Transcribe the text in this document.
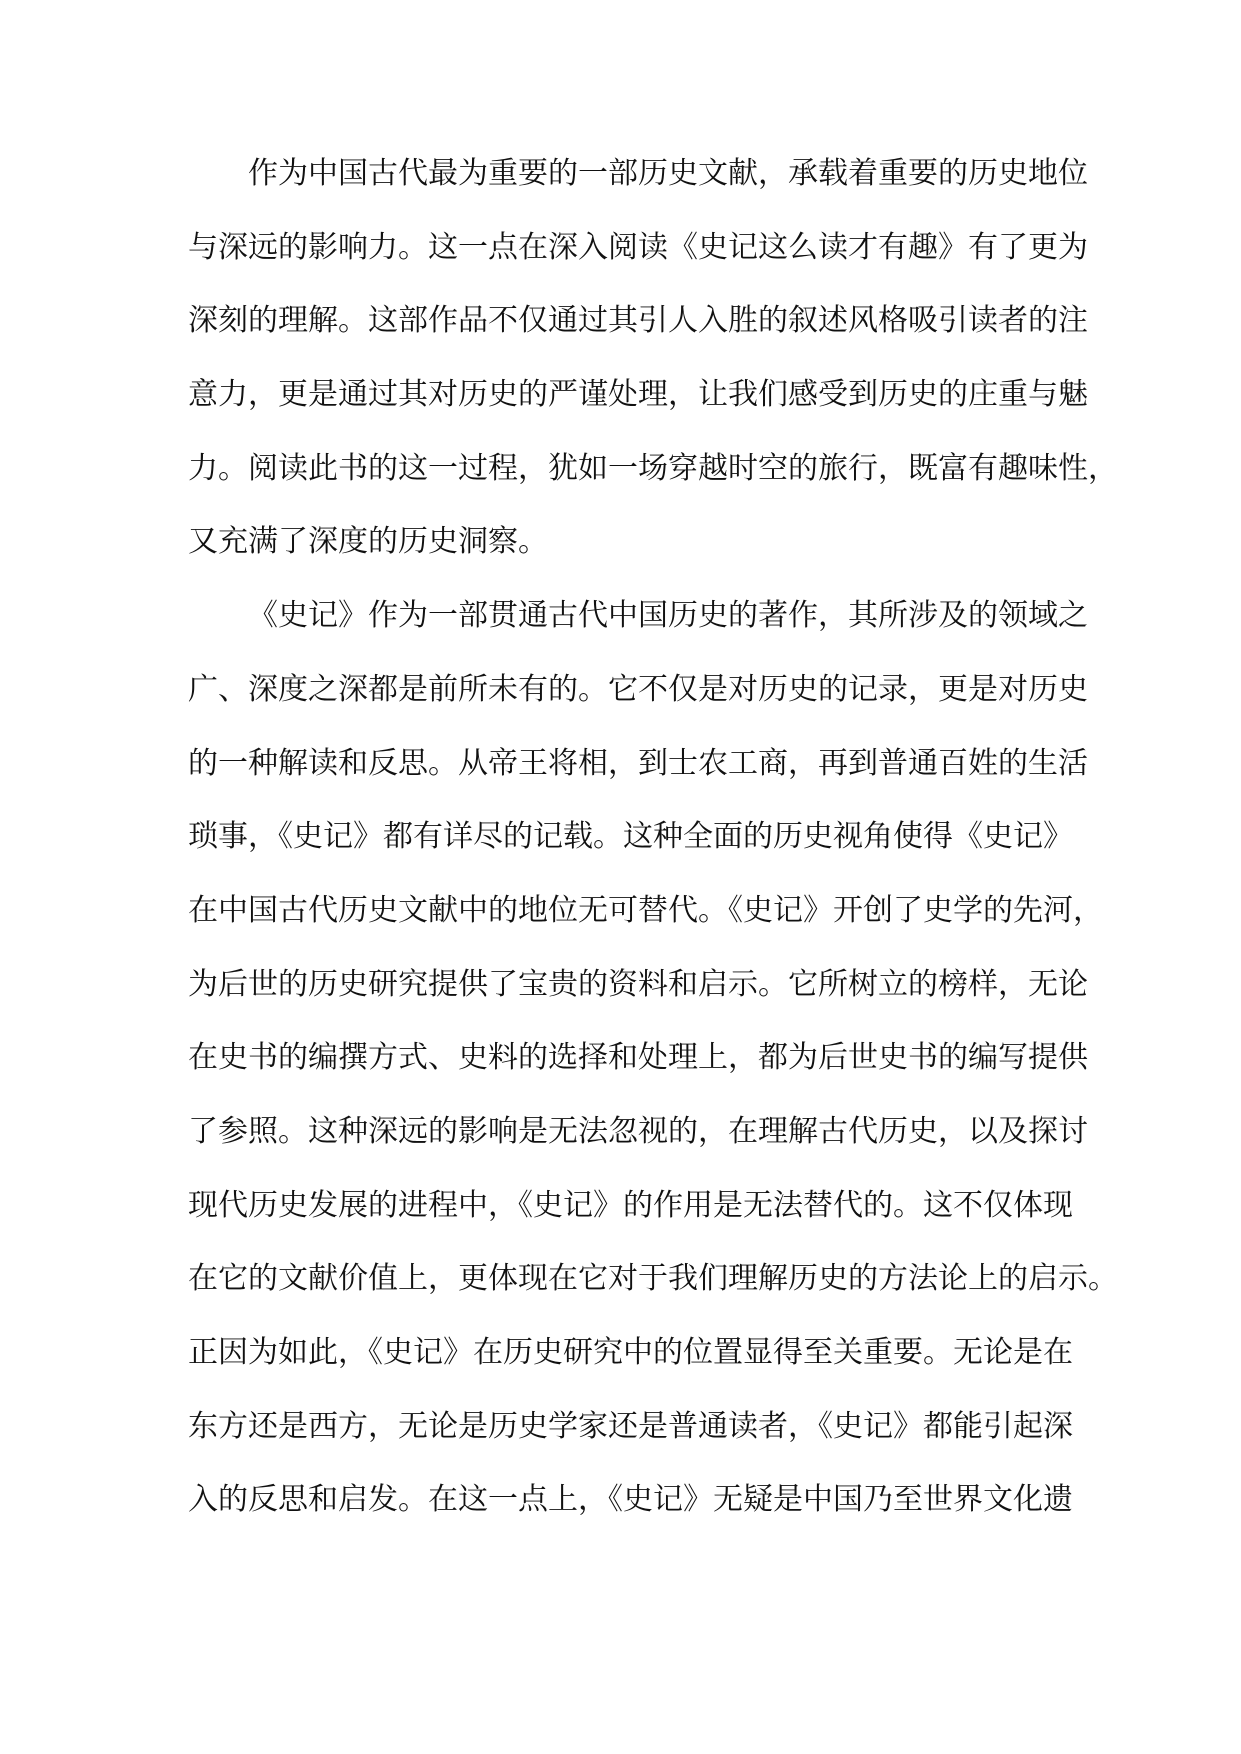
作为中国古代最为重要的一部历史文献，承载着重要的历史地位
与深远的影响力。这一点在深入阅读《史记这么读才有趣》有了更为
深刻的理解。这部作品不仅通过其引人入胜的叙述风格吸引读者的注
意力，更是通过其对历史的严谨处理，让我们感受到历史的庄重与魅
力。阅读此书的这一过程，犹如一场穿越时空的旅行，既富有趣味性，
又充满了深度的历史洞察。

《史记》作为一部贯通古代中国历史的著作，其所涉及的领域之
广、深度之深都是前所未有的。它不仅是对历史的记录，更是对历史
的一种解读和反思。从帝王将相，到士农工商，再到普通百姓的生活
琐事，《史记》都有详尽的记载。这种全面的历史视角使得《史记》
在中国古代历史文献中的地位无可替代。《史记》开创了史学的先河，
为后世的历史研究提供了宝贵的资料和启示。它所树立的榜样，无论
在史书的编撰方式、史料的选择和处理上，都为后世史书的编写提供
了参照。这种深远的影响是无法忽视的，在理解古代历史，以及探讨
现代历史发展的进程中，《史记》的作用是无法替代的。这不仅体现
在它的文献价值上，更体现在它对于我们理解历史的方法论上的启示。
正因为如此，《史记》在历史研究中的位置显得至关重要。无论是在
东方还是西方，无论是历史学家还是普通读者，《史记》都能引起深
入的反思和启发。在这一点上，《史记》无疑是中国乃至世界文化遗
